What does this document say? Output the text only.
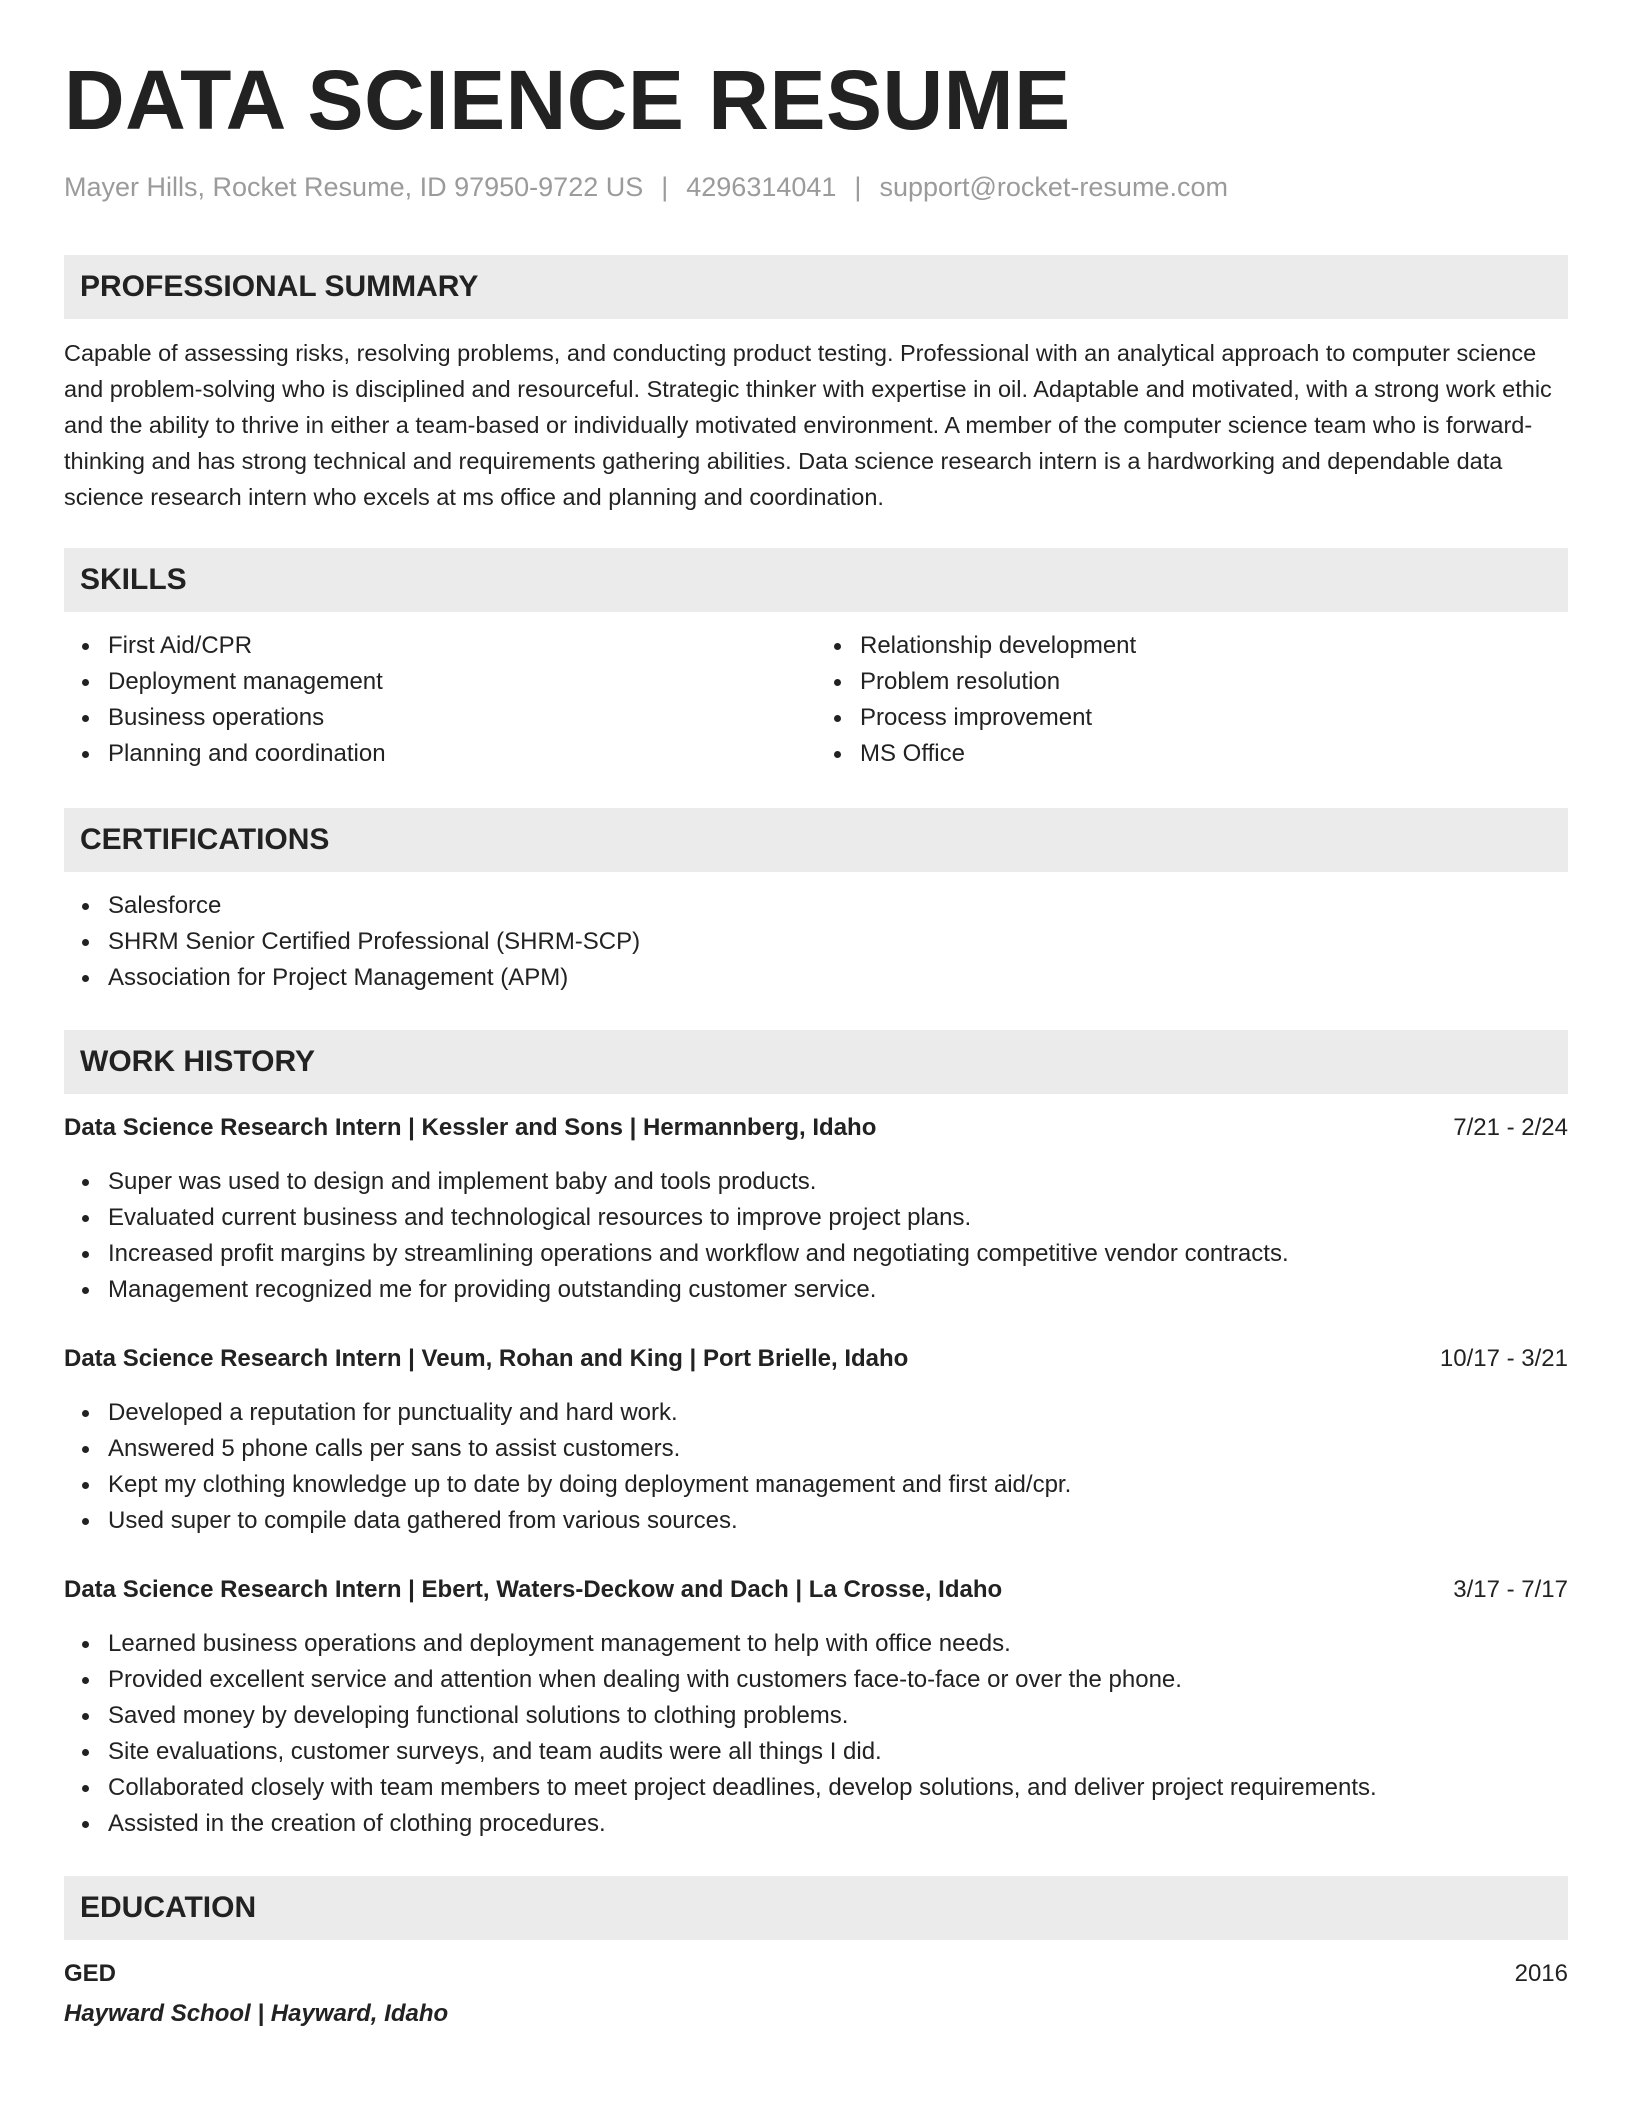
DATA SCIENCE RESUME
Mayer Hills, Rocket Resume, ID 97950-9722 US | 4296314041 | support@rocket-resume.com
PROFESSIONAL SUMMARY

Capable of assessing risks, resolving problems, and conducting product testing. Professional with an analytical approach to computer science and problem-solving who is disciplined and resourceful. Strategic thinker with expertise in oil. Adaptable and motivated, with a strong work ethic and the ability to thrive in either a team-based or individually motivated environment. A member of the computer science team who is forward-thinking and has strong technical and requirements gathering abilities. Data science research intern is a hardworking and dependable data science research intern who excels at ms office and planning and coordination.

SKILLS
First Aid/CPR
Deployment management
Business operations
Planning and coordination
Relationship development
Problem resolution
Process improvement
MS Office
CERTIFICATIONS
Salesforce
SHRM Senior Certified Professional (SHRM-SCP)
Association for Project Management (APM)
WORK HISTORY
Data Science Research Intern | Kessler and Sons | Hermannberg, Idaho	7/21 - 2/24
Super was used to design and implement baby and tools products.
Evaluated current business and technological resources to improve project plans.
Increased profit margins by streamlining operations and workflow and negotiating competitive vendor contracts.
Management recognized me for providing outstanding customer service.
Data Science Research Intern | Veum, Rohan and King | Port Brielle, Idaho	10/17 - 3/21
Developed a reputation for punctuality and hard work.
Answered 5 phone calls per sans to assist customers.
Kept my clothing knowledge up to date by doing deployment management and first aid/cpr.
Used super to compile data gathered from various sources.
Data Science Research Intern | Ebert, Waters-Deckow and Dach | La Crosse, Idaho	3/17 - 7/17
Learned business operations and deployment management to help with office needs.
Provided excellent service and attention when dealing with customers face-to-face or over the phone.
Saved money by developing functional solutions to clothing problems.
Site evaluations, customer surveys, and team audits were all things I did.
Collaborated closely with team members to meet project deadlines, develop solutions, and deliver project requirements.
Assisted in the creation of clothing procedures.
EDUCATION
GED	2016
Hayward School | Hayward, Idaho
